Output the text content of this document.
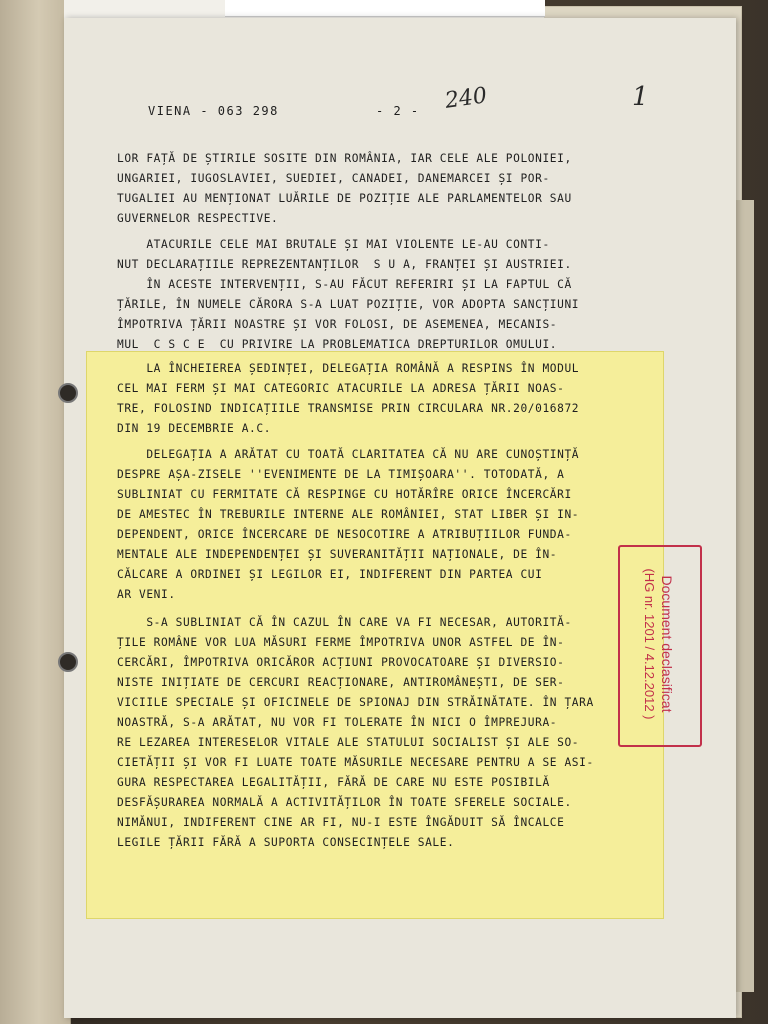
VIENA - 063 298	- 2 - 240	1
LOR FAȚĂ DE ȘTIRILE SOSITE DIN ROMÂNIA, IAR CELE ALE POLONIEI,
UNGARIEI, IUGOSLAVIEI, SUEDIEI, CANADEI, DANEMARCEI ȘI POR-
TUGALIEI AU MENȚIONAT LUĂRILE DE POZIȚIE ALE PARLAMENTELOR SAU
GUVERNELOR RESPECTIVE.
ATACURILE CELE MAI BRUTALE ȘI MAI VIOLENTE LE-AU CONTI-
NUT DECLARAȚIILE REPREZENTANȚILOR  S U A, FRANȚEI ȘI AUSTRIEI.
ÎN ACESTE INTERVENȚII, S-AU FĂCUT REFERIRI ȘI LA FAPTUL CĂ
ȚĂRILE, ÎN NUMELE CĂRORA S-A LUAT POZIȚIE, VOR ADOPTA SANCȚIUNI
ÎMPOTRIVA ȚĂRII NOASTRE ȘI VOR FOLOSI, DE ASEMENEA, MECANIS-
MUL  C S C E  CU PRIVIRE LA PROBLEMATICA DREPTURILOR OMULUI.
LA ÎNCHEIEREA ȘEDINȚEI, DELEGAȚIA ROMÂNĂ A RESPINS ÎN MODUL
CEL MAI FERM ȘI MAI CATEGORIC ATACURILE LA ADRESA ȚĂRII NOAS-
TRE, FOLOSIND INDICAȚIILE TRANSMISE PRIN CIRCULARA NR.20/016872
DIN 19 DECEMBRIE A.C.
DELEGAȚIA A ARĂTAT CU TOATĂ CLARITATEA CĂ NU ARE CUNOȘTINȚĂ
DESPRE AȘA-ZISELE ''EVENIMENTE DE LA TIMIȘOARA''. TOTODATĂ, A
SUBLINIAT CU FERMITATE CĂ RESPINGE CU HOTĂRÎRE ORICE ÎNCERCĂRI
DE AMESTEC ÎN TREBURILE INTERNE ALE ROMÂNIEI, STAT LIBER ȘI IN-
DEPENDENT, ORICE ÎNCERCARE DE NESOCOTIRE A ATRIBUȚIILOR FUNDA-
MENTALE ALE INDEPENDENȚEI ȘI SUVERANITĂȚII NAȚIONALE, DE ÎN-
CĂLCARE A ORDINEI ȘI LEGILOR EI, INDIFERENT DIN PARTEA CUI
AR VENI.
S-A SUBLINIAT CĂ ÎN CAZUL ÎN CARE VA FI NECESAR, AUTORITĂ-
ȚILE ROMÂNE VOR LUA MĂSURI FERME ÎMPOTRIVA UNOR ASTFEL DE ÎN-
CERCĂRI, ÎMPOTRIVA ORICĂROR ACȚIUNI PROVOCATOARE ȘI DIVERSIO-
NISTE INIȚIATE DE CERCURI REACȚIONARE, ANTIROMÂNEȘTI, DE SER-
VICIILE SPECIALE ȘI OFICINELE DE SPIONAJ DIN STRĂINĂTATE. ÎN ȚARA
NOASTRĂ, S-A ARĂTAT, NU VOR FI TOLERATE ÎN NICI O ÎMPREJURA-
RE LEZAREA INTERESELOR VITALE ALE STATULUI SOCIALIST ȘI ALE SO-
CIETĂȚII ȘI VOR FI LUATE TOATE MĂSURILE NECESARE PENTRU A SE ASI-
GURA RESPECTAREA LEGALITĂȚII, FĂRĂ DE CARE NU ESTE POSIBILĂ
DESFĂȘURAREA NORMALĂ A ACTIVITĂȚILOR ÎN TOATE SFERELE SOCIALE.
NIMĂNUI, INDIFERENT CINE AR FI, NU-I ESTE ÎNGĂDUIT SĂ ÎNCALCE
LEGILE ȚĂRII FĂRĂ A SUPORTA CONSECINȚELE SALE.
Document declasificat
(HG nr. 1201 / 4.12.2012 )
